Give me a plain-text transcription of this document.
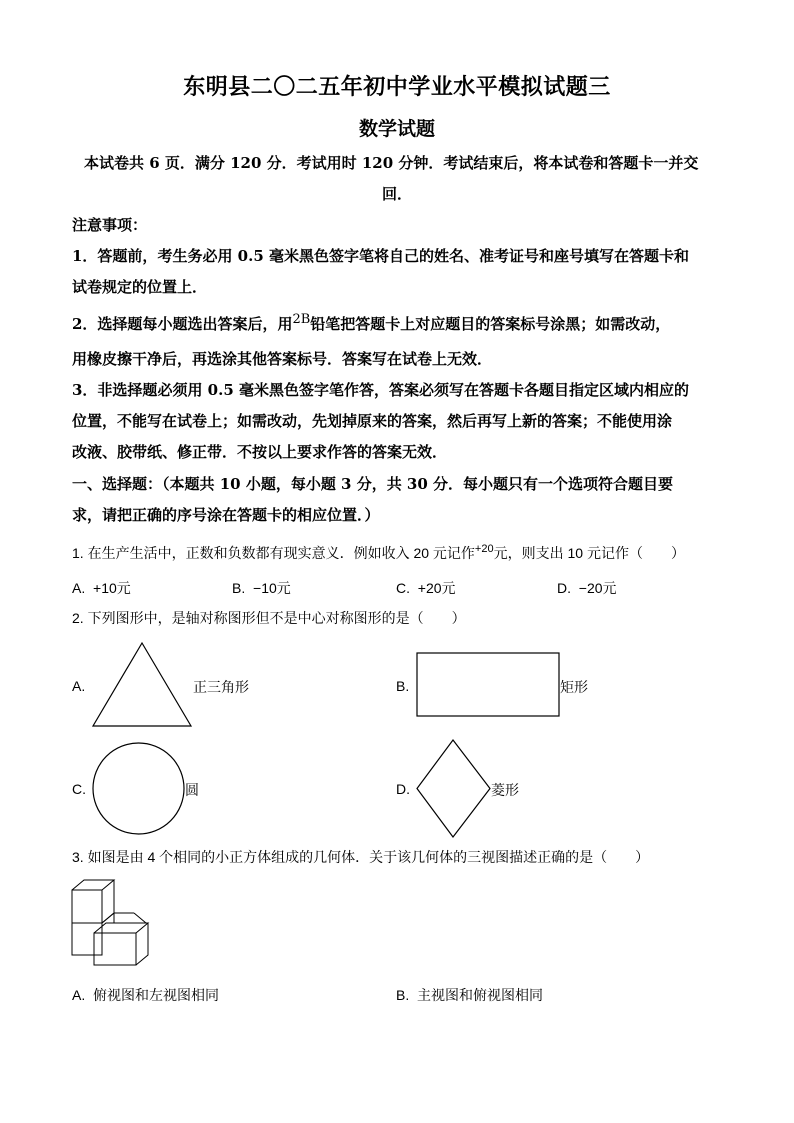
东明县二〇二五年初中学业水平模拟试题三
数学试题
本试卷共 6 页．满分 120 分．考试用时 120 分钟．考试结束后，将本试卷和答题卡一并交
回．
注意事项：
1．答题前，考生务必用 0.5 毫米黑色签字笔将自己的姓名、准考证号和座号填写在答题卡和
试卷规定的位置上．
2．选择题每小题选出答案后，用2B铅笔把答题卡上对应题目的答案标号涂黑；如需改动，
用橡皮擦干净后，再选涂其他答案标号．答案写在试卷上无效．
3．非选择题必须用 0.5 毫米黑色签字笔作答，答案必须写在答题卡各题目指定区域内相应的
位置，不能写在试卷上；如需改动，先划掉原来的答案，然后再写上新的答案；不能使用涂
改液、胶带纸、修正带．不按以上要求作答的答案无效．
一、选择题：（本题共 10 小题，每小题 3 分，共 30 分．每小题只有一个选项符合题目要
求，请把正确的序号涂在答题卡的相应位置．）
1. 在生产生活中，正数和负数都有现实意义．例如收入 20 元记作$^{+20}$元，则支出 10 元记作（　　）
A. +10元	B. −10元	C. +20元	D. −20元
2. 下列图形中，是轴对称图形但不是中心对称图形的是（　　）
A.	正三角形	B.	矩形
C.	圆	D.	菱形
3. 如图是由 4 个相同的小正方体组成的几何体．关于该几何体的三视图描述正确的是（　　）
A. 俯视图和左视图相同	B. 主视图和俯视图相同
